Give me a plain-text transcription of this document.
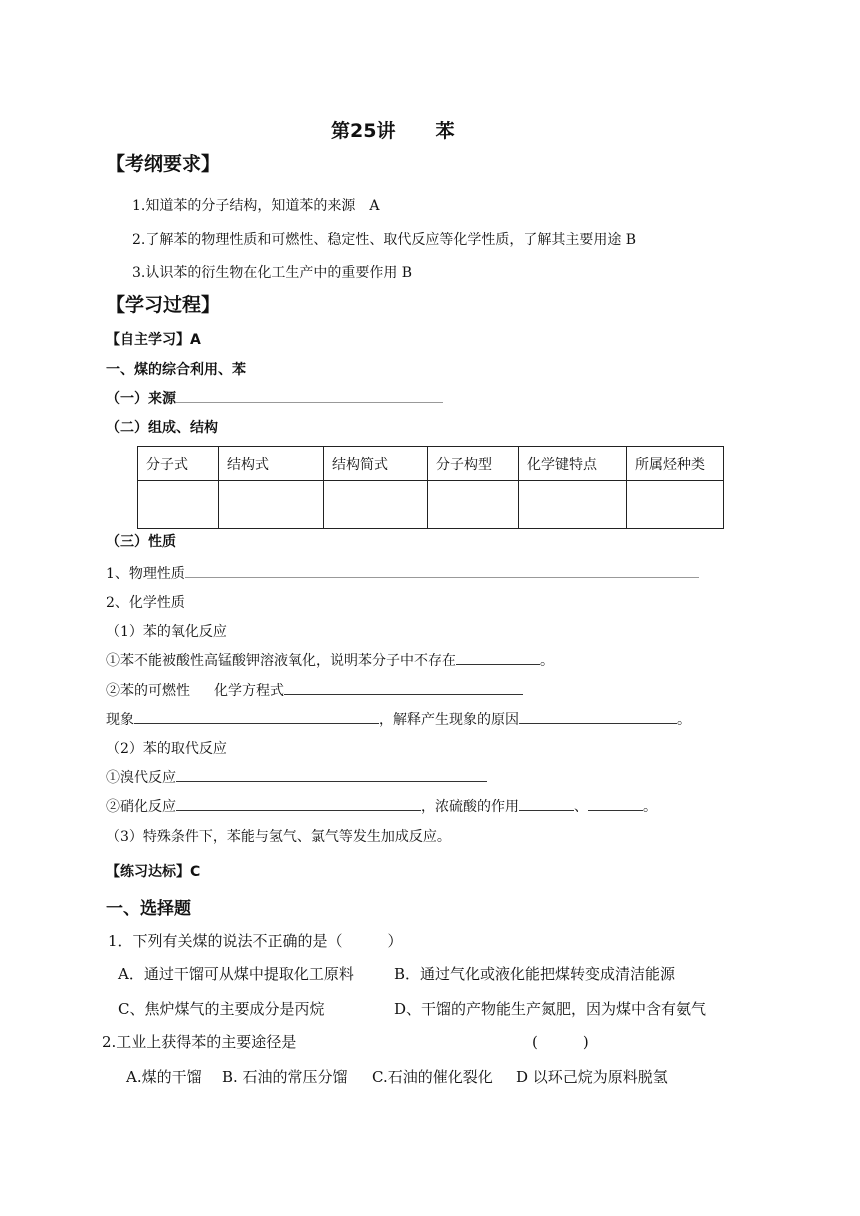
第25讲 苯
【考纲要求】
1.知道苯的分子结构，知道苯的来源　A
2.了解苯的物理性质和可燃性、稳定性、取代反应等化学性质，了解其主要用途 B
3.认识苯的衍生物在化工生产中的重要作用 B
【学习过程】
【自主学习】A
一、煤的综合利用、苯
（一）来源
（二）组成、结构
分子式	结构式	结构简式	分子构型	化学键特点	所属烃种类

（三）性质
1、物理性质
2、化学性质
（1）苯的氧化反应
①苯不能被酸性高锰酸钾溶液氧化，说明苯分子中不存在	。
②苯的可燃性 化学方程式
现象	，解释产生现象的原因	。
（2）苯的取代反应
①溴代反应
②硝化反应	，浓硫酸的作用	、	。
（3）特殊条件下，苯能与氢气、氯气等发生加成反应。
【练习达标】C
一、选择题
1．下列有关煤的说法不正确的是（　　　）
A．通过干馏可从煤中提取化工原料	B．通过气化或液化能把煤转变成清洁能源
C、焦炉煤气的主要成分是丙烷	D、干馏的产物能生产氮肥，因为煤中含有氨气
2.工业上获得苯的主要途径是	(　　　)
A.煤的干馏 B. 石油的常压分馏 C.石油的催化裂化 D 以环己烷为原料脱氢
